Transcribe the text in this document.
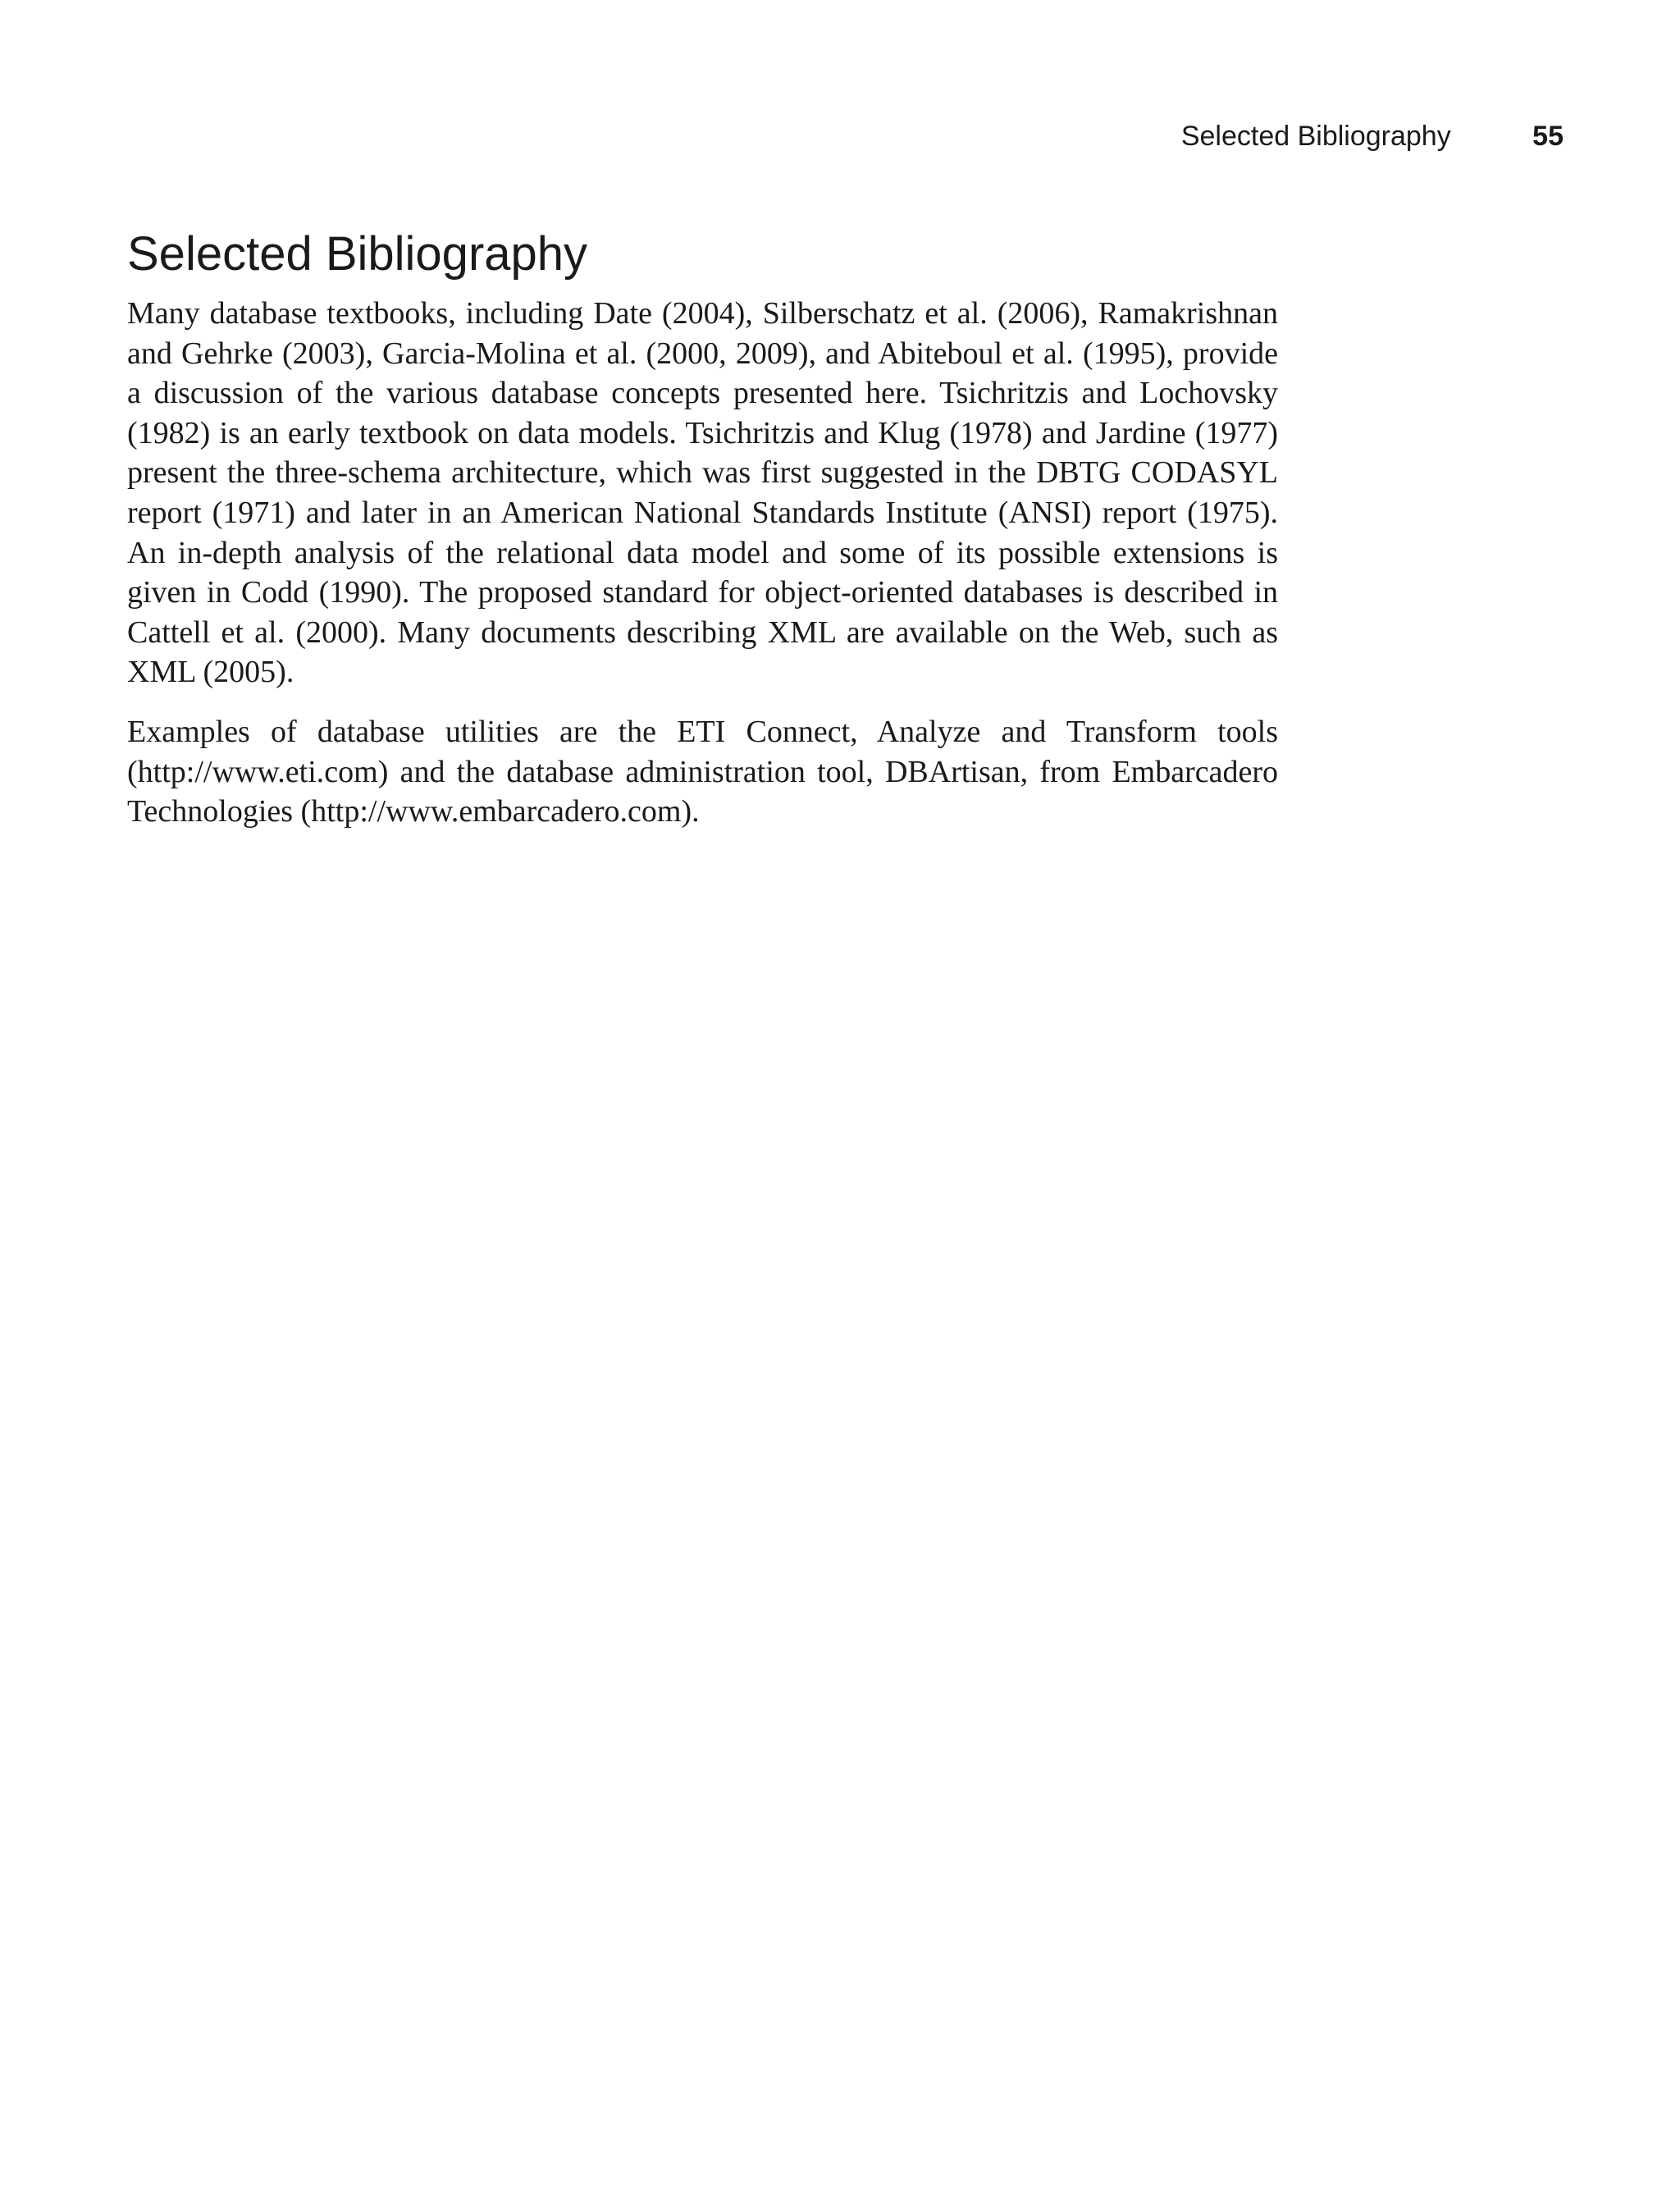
Selected Bibliography	55
Selected Bibliography

Many database textbooks, including Date (2004), Silberschatz et al. (2006), Ramakrishnan and Gehrke (2003), Garcia-Molina et al. (2000, 2009), and Abiteboul et al. (1995), provide a discussion of the various database concepts presented here. Tsichritzis and Lochovsky (1982) is an early textbook on data models. Tsichritzis and Klug (1978) and Jardine (1977) present the three-schema architecture, which was first suggested in the DBTG CODASYL report (1971) and later in an American National Standards Institute (ANSI) report (1975). An in-depth analysis of the relational data model and some of its possible extensions is given in Codd (1990). The proposed standard for object-oriented databases is described in Cattell et al. (2000). Many documents describing XML are available on the Web, such as XML (2005).

Examples of database utilities are the ETI Connect, Analyze and Transform tools (http://www.eti.com) and the database administration tool, DBArtisan, from Embarcadero Technologies (http://www.embarcadero.com).
